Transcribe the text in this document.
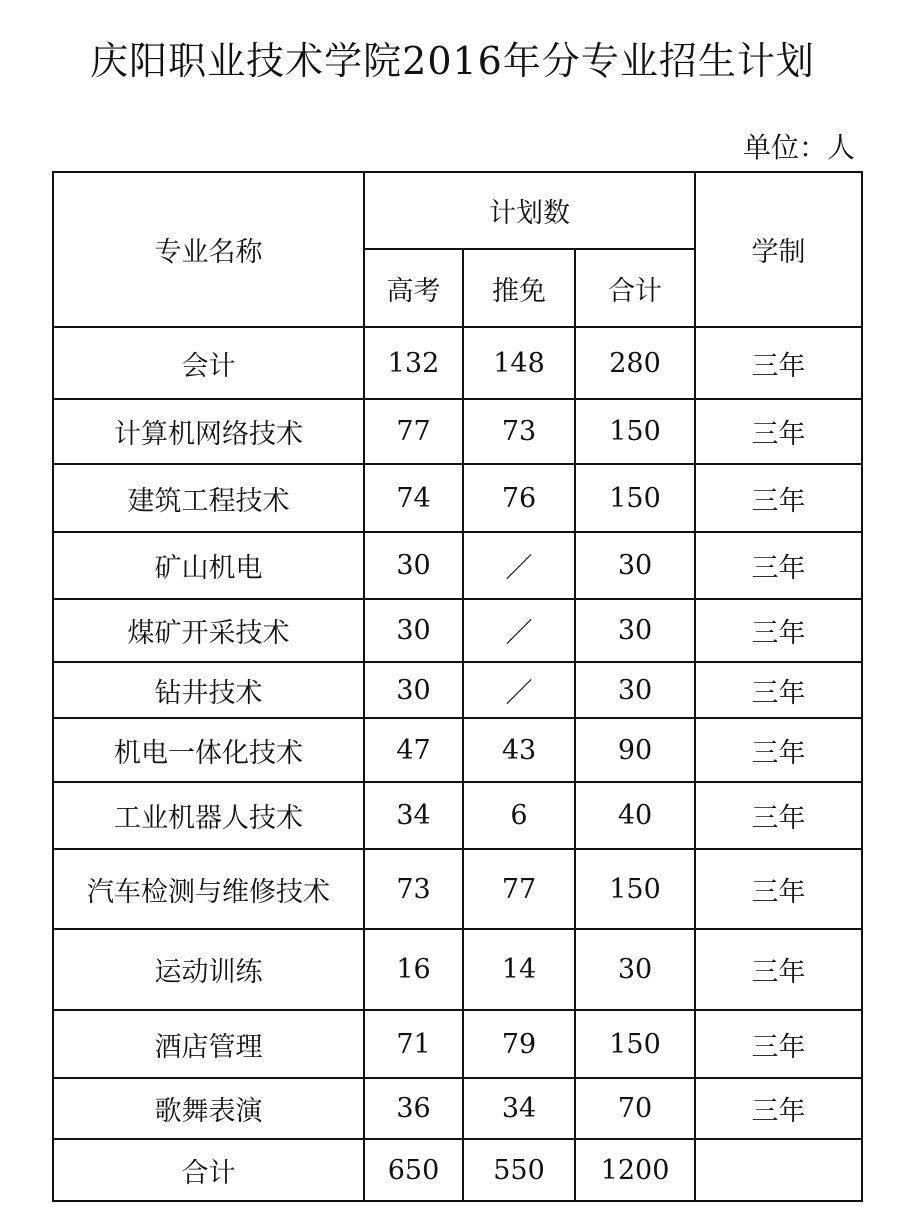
庆阳职业技术学院2016年分专业招生计划
单位：人
专业名称	计划数			学制
	高考	推免	合计	
会计	132	148	280	三年
计算机网络技术	77	73	150	三年
建筑工程技术	74	76	150	三年
矿山机电	30	／	30	三年
煤矿开采技术	30	／	30	三年
钻井技术	30	／	30	三年
机电一体化技术	47	43	90	三年
工业机器人技术	34	6	40	三年
汽车检测与维修技术	73	77	150	三年
运动训练	16	14	30	三年
酒店管理	71	79	150	三年
歌舞表演	36	34	70	三年
合计	650	550	1200	
